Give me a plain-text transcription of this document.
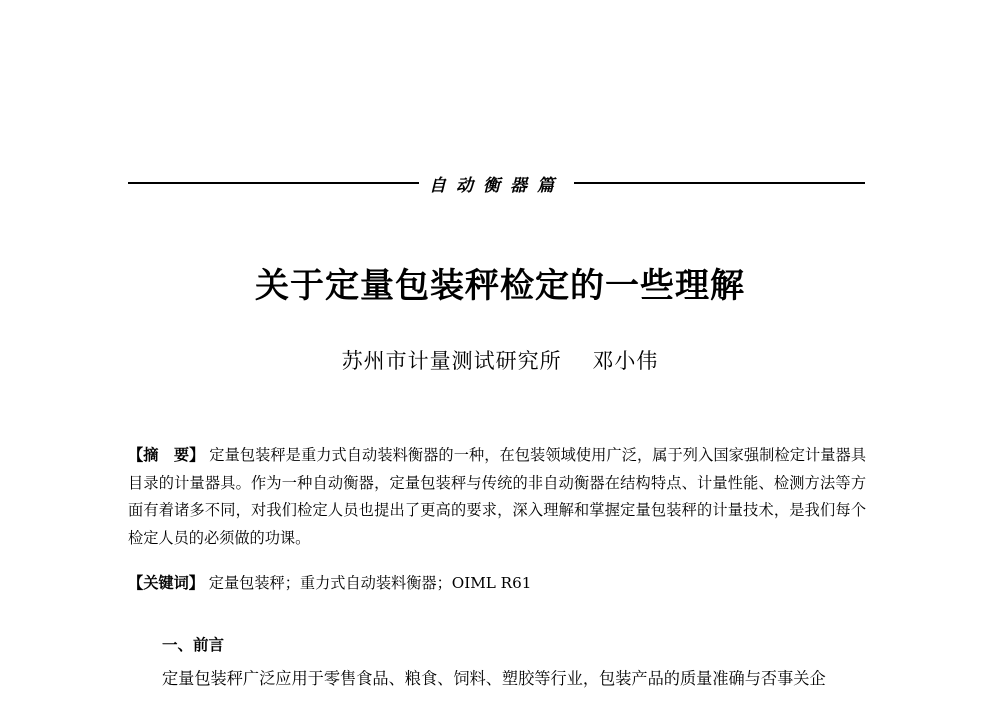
自动衡器篇
关于定量包装秤检定的一些理解
苏州市计量测试研究所 邓小伟
【摘　要】 定量包装秤是重力式自动装料衡器的一种，在包装领域使用广泛，属于列入国家强制检定计量器具目录的计量器具。作为一种自动衡器，定量包装秤与传统的非自动衡器在结构特点、计量性能、检测方法等方面有着诸多不同，对我们检定人员也提出了更高的要求，深入理解和掌握定量包装秤的计量技术，是我们每个检定人员的必须做的功课。
【关键词】 定量包装秤；重力式自动装料衡器；OIML R61
一、前言
定量包装秤广泛应用于零售食品、粮食、饲料、塑胶等行业，包装产品的质量准确与否事关企
